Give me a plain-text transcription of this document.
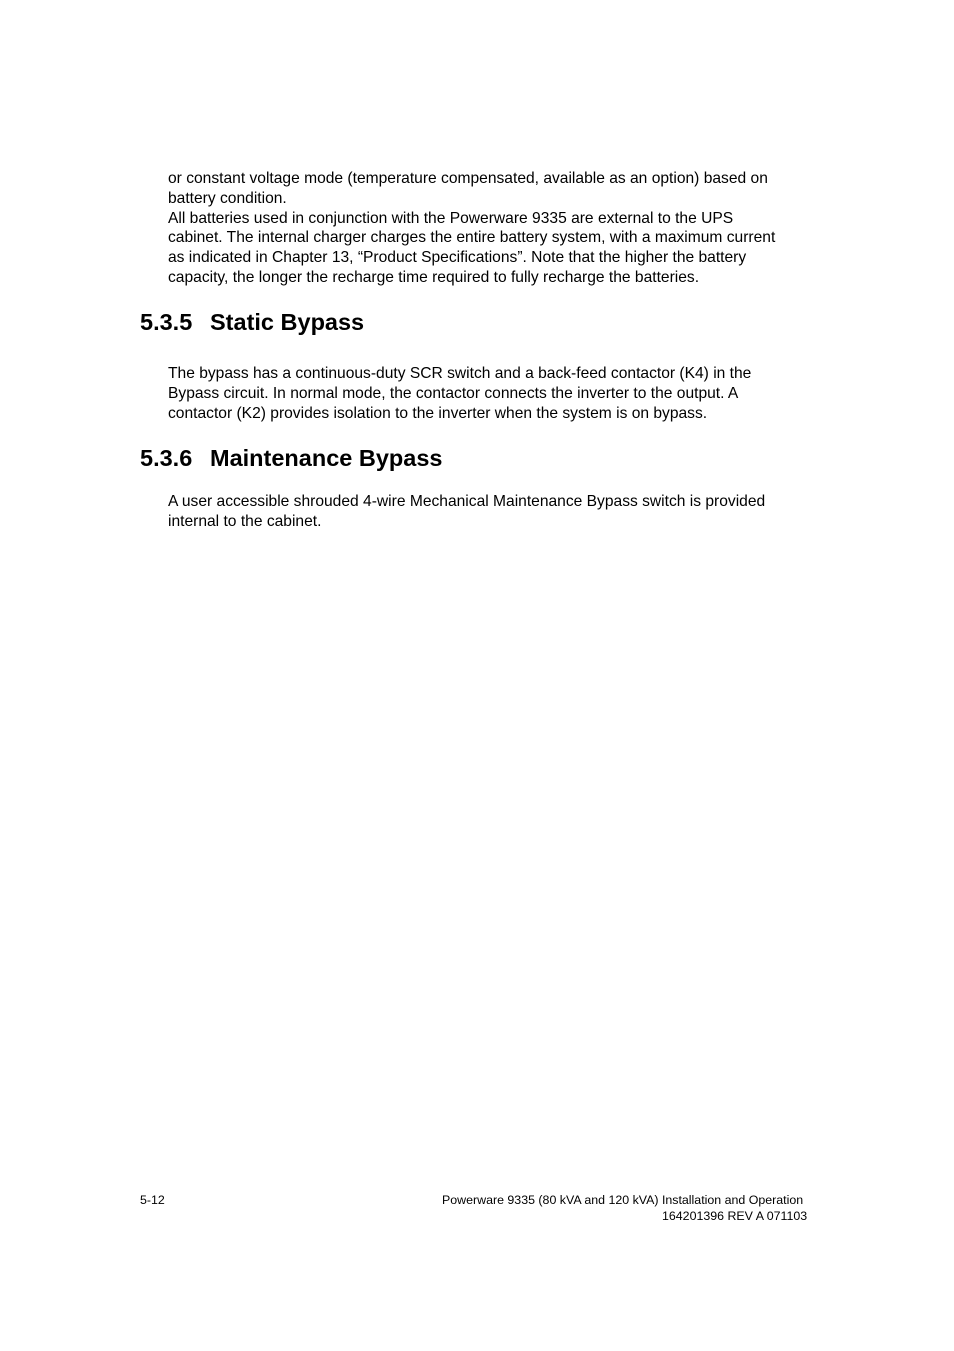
or constant voltage mode (temperature compensated, available as an option) based on

battery condition.

All batteries used in conjunction with the Powerware 9335 are external to the UPS

cabinet. The internal charger charges the entire battery system, with a maximum current

as indicated in Chapter 13, “Product Specifications”. Note that the higher the battery

capacity, the longer the recharge time required to fully recharge the batteries.

5.3.5 Static Bypass

The bypass has a continuous-duty SCR switch and a back-feed contactor (K4) in the

Bypass circuit. In normal mode, the contactor connects the inverter to the output. A

contactor (K2) provides isolation to the inverter when the system is on bypass.

5.3.6 Maintenance Bypass

A user accessible shrouded 4-wire Mechanical Maintenance Bypass switch is provided

internal to the cabinet.

5-12	Powerware 9335 (80 kVA and 120 kVA) Installation and Operation
164201396 REV A 071103
